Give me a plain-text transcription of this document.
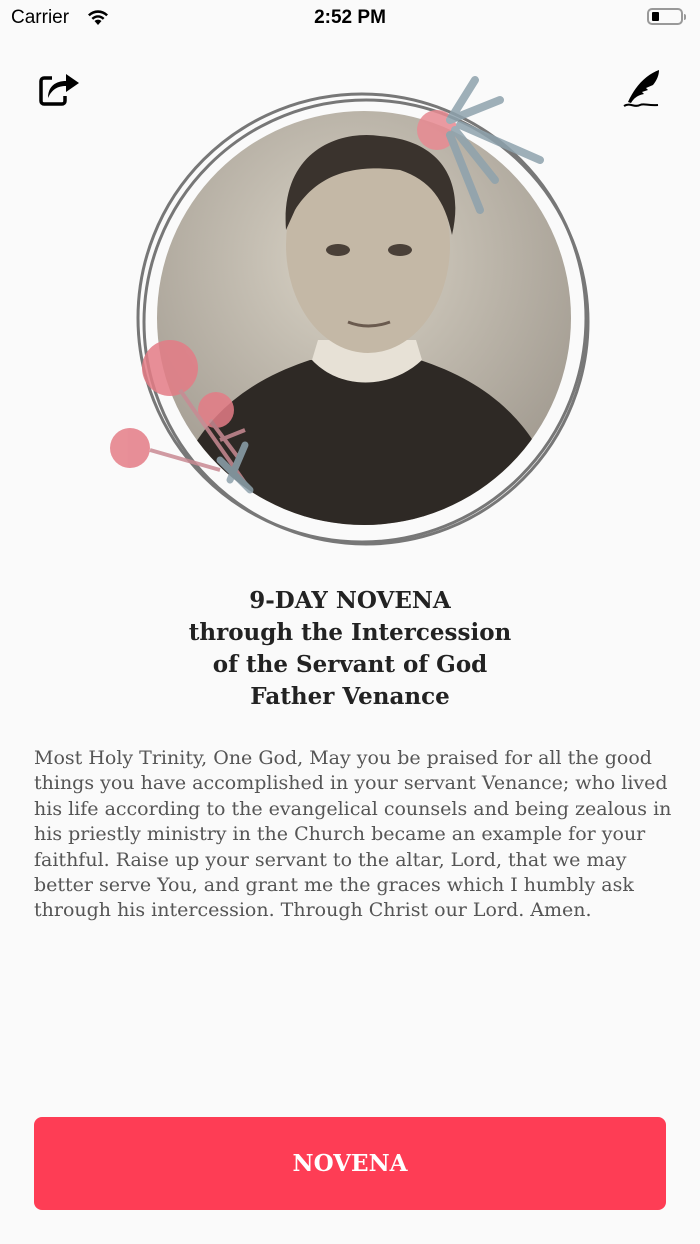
Carrier	2:52 PM
9-DAY NOVENA
through the Intercession
of the Servant of God
Father Venance
Most Holy Trinity, One God, May you be praised for all the good things you have accomplished in your servant Venance; who lived his life according to the evangelical counsels and being zealous in his priestly ministry in the Church became an example for your faithful. Raise up your servant to the altar, Lord, that we may better serve You, and grant me the graces which I humbly ask through his intercession. Through Christ our Lord. Amen.
NOVENA
